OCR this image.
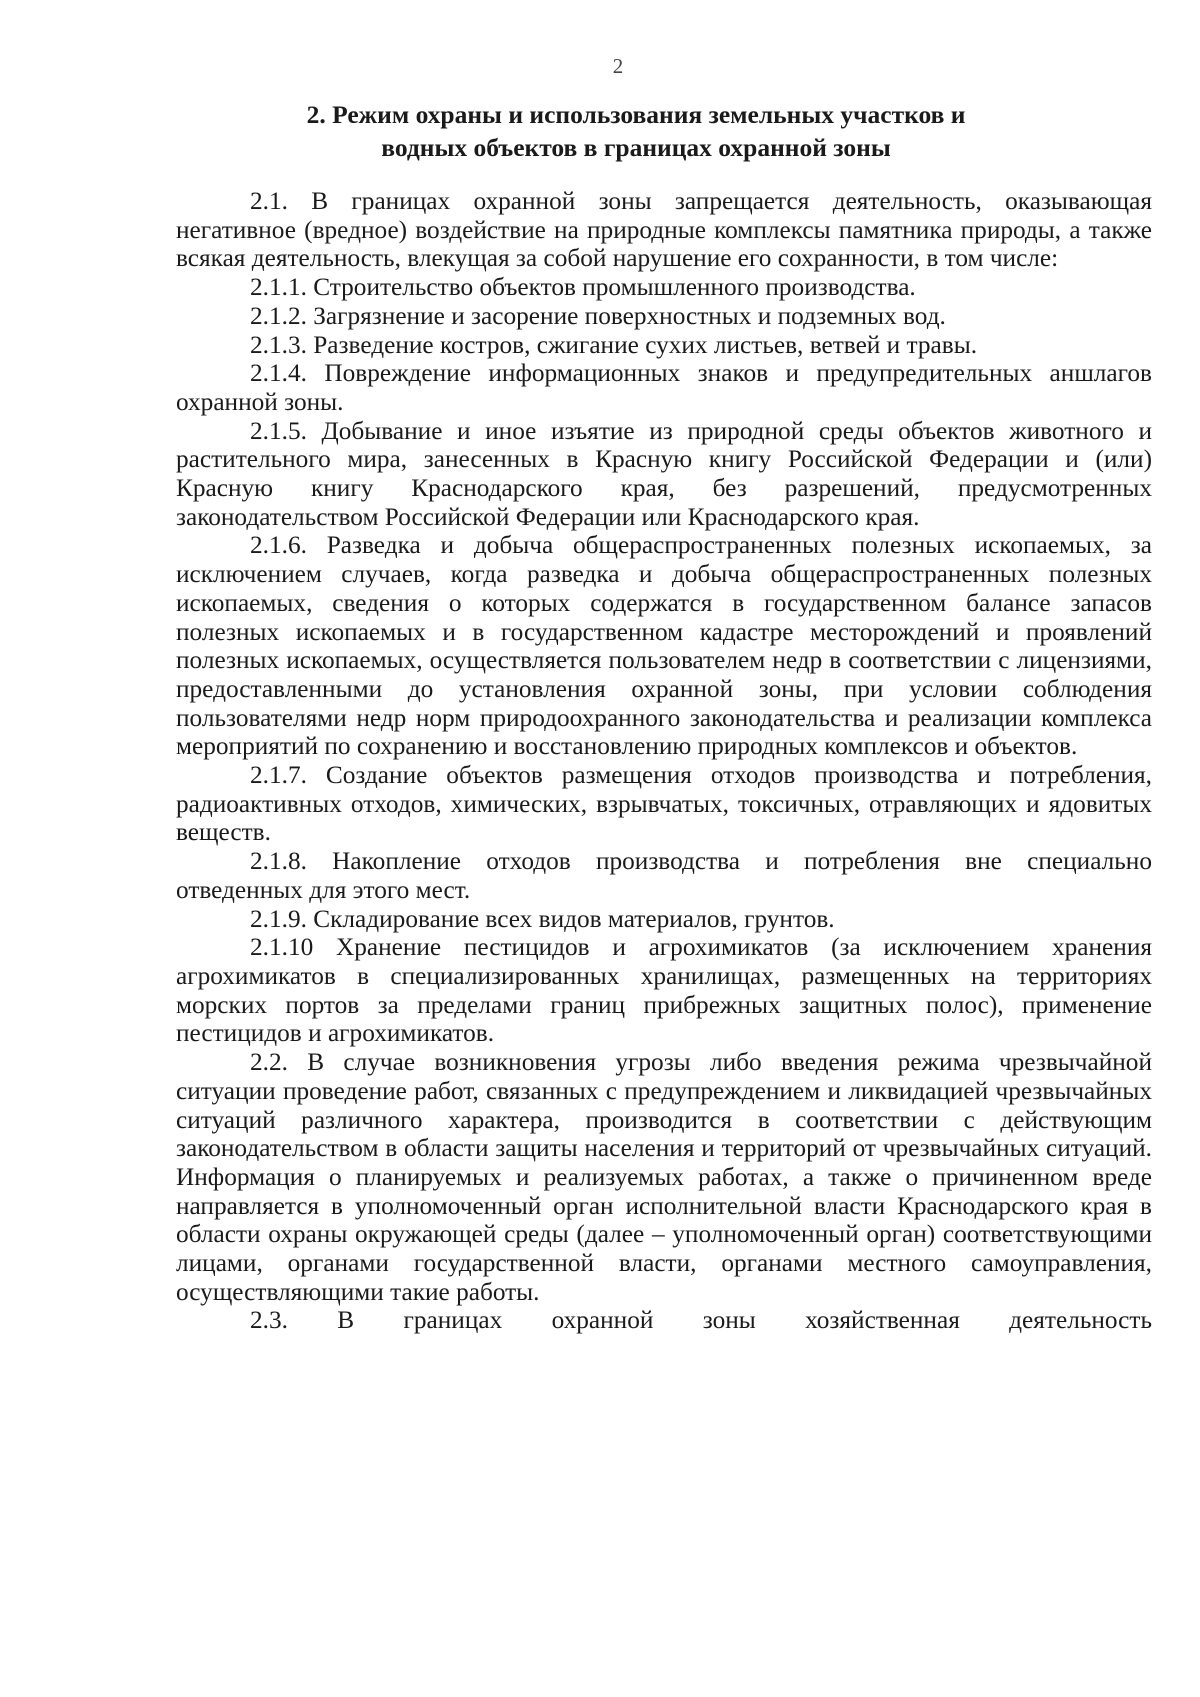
2
2. Режим охраны и использования земельных участков и
водных объектов в границах охранной зоны

2.1. В границах охранной зоны запрещается деятельность, оказывающая негативное (вредное) воздействие на природные комплексы памятника природы, а также всякая деятельность, влекущая за собой нарушение его сохранности, в том числе:

2.1.1. Строительство объектов промышленного производства.

2.1.2. Загрязнение и засорение поверхностных и подземных вод.

2.1.3. Разведение костров, сжигание сухих листьев, ветвей и травы.

2.1.4. Повреждение информационных знаков и предупредительных аншлагов охранной зоны.

2.1.5. Добывание и иное изъятие из природной среды объектов животного и растительного мира, занесенных в Красную книгу Российской Федерации и (или) Красную книгу Краснодарского края, без разрешений, предусмотренных законодательством Российской Федерации или Краснодарского края.

2.1.6. Разведка и добыча общераспространенных полезных ископаемых, за исключением случаев, когда разведка и добыча общераспространенных полезных ископаемых, сведения о которых содержатся в государственном балансе запасов полезных ископаемых и в государственном кадастре месторождений и проявлений полезных ископаемых, осуществляется пользователем недр в соответствии с лицензиями, предоставленными до установления охранной зоны, при условии соблюдения пользователями недр норм природоохранного законодательства и реализации комплекса мероприятий по сохранению и восстановлению природных комплексов и объектов.

2.1.7. Создание объектов размещения отходов производства и потребления, радиоактивных отходов, химических, взрывчатых, токсичных, отравляющих и ядовитых веществ.

2.1.8. Накопление отходов производства и потребления вне специально отведенных для этого мест.

2.1.9. Складирование всех видов материалов, грунтов.

2.1.10 Хранение пестицидов и агрохимикатов (за исключением хранения агрохимикатов в специализированных хранилищах, размещенных на территориях морских портов за пределами границ прибрежных защитных полос), применение пестицидов и агрохимикатов.

2.2. В случае возникновения угрозы либо введения режима чрезвычайной ситуации проведение работ, связанных с предупреждением и ликвидацией чрезвычайных ситуаций различного характера, производится в соответствии с действующим законодательством в области защиты населения и территорий от чрезвычайных ситуаций. Информация о планируемых и реализуемых работах, а также о причиненном вреде направляется в уполномоченный орган исполнительной власти Краснодарского края в области охраны окружающей среды (далее – уполномоченный орган) соответствующими лицами, органами государственной власти, органами местного самоуправления, осуществляющими такие работы.

2.3. В границах охранной зоны хозяйственная деятельность
